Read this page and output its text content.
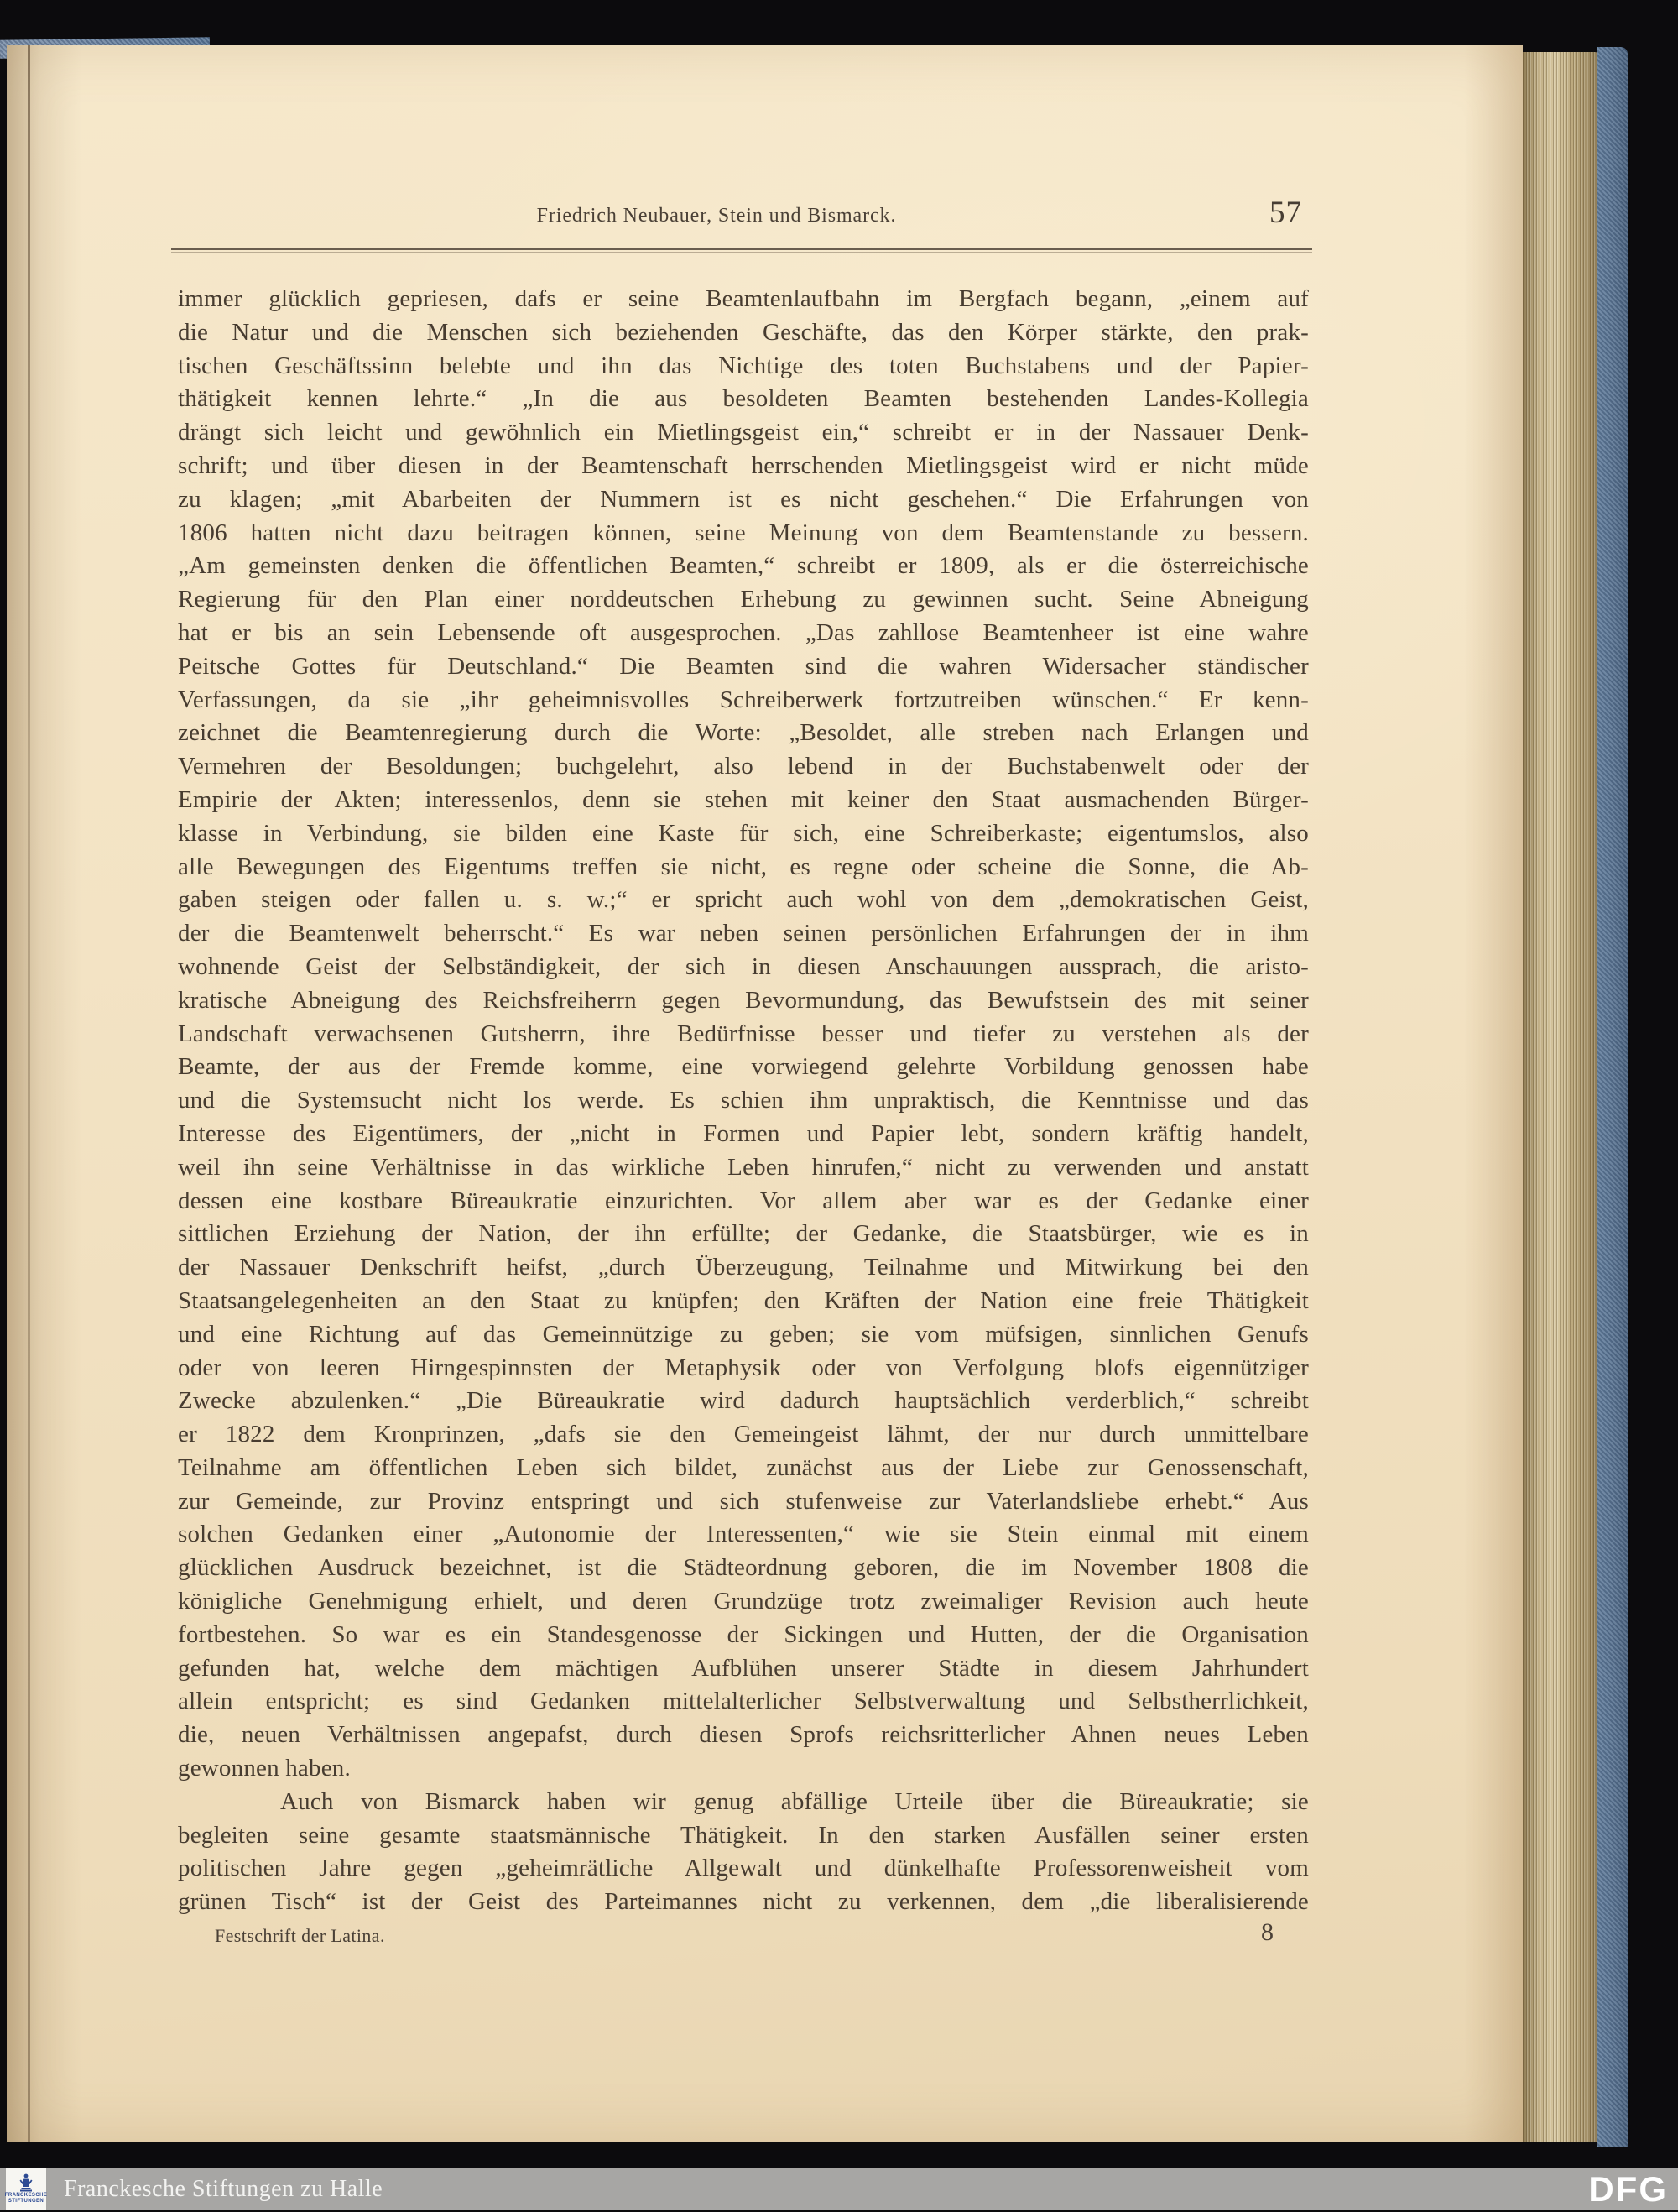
Friedrich Neubauer, Stein und Bismarck.	57
immer glücklich gepriesen, dafs er seine Beamtenlaufbahn im Bergfach begann, „einem auf
die Natur und die Menschen sich beziehenden Geschäfte, das den Körper stärkte, den prak-
tischen Geschäftssinn belebte und ihn das Nichtige des toten Buchstabens und der Papier-
thätigkeit kennen lehrte.“ „In die aus besoldeten Beamten bestehenden Landes-Kollegia
drängt sich leicht und gewöhnlich ein Mietlingsgeist ein,“ schreibt er in der Nassauer Denk-
schrift; und über diesen in der Beamtenschaft herrschenden Mietlingsgeist wird er nicht müde
zu klagen; „mit Abarbeiten der Nummern ist es nicht geschehen.“ Die Erfahrungen von
1806 hatten nicht dazu beitragen können, seine Meinung von dem Beamtenstande zu bessern.
„Am gemeinsten denken die öffentlichen Beamten,“ schreibt er 1809, als er die österreichische
Regierung für den Plan einer norddeutschen Erhebung zu gewinnen sucht. Seine Abneigung
hat er bis an sein Lebensende oft ausgesprochen. „Das zahllose Beamtenheer ist eine wahre
Peitsche Gottes für Deutschland.“ Die Beamten sind die wahren Widersacher ständischer
Verfassungen, da sie „ihr geheimnisvolles Schreiberwerk fortzutreiben wünschen.“ Er kenn-
zeichnet die Beamtenregierung durch die Worte: „Besoldet, alle streben nach Erlangen und
Vermehren der Besoldungen; buchgelehrt, also lebend in der Buchstabenwelt oder der
Empirie der Akten; interessenlos, denn sie stehen mit keiner den Staat ausmachenden Bürger-
klasse in Verbindung, sie bilden eine Kaste für sich, eine Schreiberkaste; eigentumslos, also
alle Bewegungen des Eigentums treffen sie nicht, es regne oder scheine die Sonne, die Ab-
gaben steigen oder fallen u. s. w.;“ er spricht auch wohl von dem „demokratischen Geist,
der die Beamtenwelt beherrscht.“ Es war neben seinen persönlichen Erfahrungen der in ihm
wohnende Geist der Selbständigkeit, der sich in diesen Anschauungen aussprach, die aristo-
kratische Abneigung des Reichsfreiherrn gegen Bevormundung, das Bewufstsein des mit seiner
Landschaft verwachsenen Gutsherrn, ihre Bedürfnisse besser und tiefer zu verstehen als der
Beamte, der aus der Fremde komme, eine vorwiegend gelehrte Vorbildung genossen habe
und die Systemsucht nicht los werde. Es schien ihm unpraktisch, die Kenntnisse und das
Interesse des Eigentümers, der „nicht in Formen und Papier lebt, sondern kräftig handelt,
weil ihn seine Verhältnisse in das wirkliche Leben hinrufen,“ nicht zu verwenden und anstatt
dessen eine kostbare Büreaukratie einzurichten. Vor allem aber war es der Gedanke einer
sittlichen Erziehung der Nation, der ihn erfüllte; der Gedanke, die Staatsbürger, wie es in
der Nassauer Denkschrift heifst, „durch Überzeugung, Teilnahme und Mitwirkung bei den
Staatsangelegenheiten an den Staat zu knüpfen; den Kräften der Nation eine freie Thätigkeit
und eine Richtung auf das Gemeinnützige zu geben; sie vom müfsigen, sinnlichen Genufs
oder von leeren Hirngespinnsten der Metaphysik oder von Verfolgung blofs eigennütziger
Zwecke abzulenken.“ „Die Büreaukratie wird dadurch hauptsächlich verderblich,“ schreibt
er 1822 dem Kronprinzen, „dafs sie den Gemeingeist lähmt, der nur durch unmittelbare
Teilnahme am öffentlichen Leben sich bildet, zunächst aus der Liebe zur Genossenschaft,
zur Gemeinde, zur Provinz entspringt und sich stufenweise zur Vaterlandsliebe erhebt.“ Aus
solchen Gedanken einer „Autonomie der Interessenten,“ wie sie Stein einmal mit einem
glücklichen Ausdruck bezeichnet, ist die Städteordnung geboren, die im November 1808 die
königliche Genehmigung erhielt, und deren Grundzüge trotz zweimaliger Revision auch heute
fortbestehen. So war es ein Standesgenosse der Sickingen und Hutten, der die Organisation
gefunden hat, welche dem mächtigen Aufblühen unserer Städte in diesem Jahrhundert
allein entspricht; es sind Gedanken mittelalterlicher Selbstverwaltung und Selbstherrlichkeit,
die, neuen Verhältnissen angepafst, durch diesen Sprofs reichsritterlicher Ahnen neues Leben
gewonnen haben.
Auch von Bismarck haben wir genug abfällige Urteile über die Büreaukratie; sie
begleiten seine gesamte staatsmännische Thätigkeit. In den starken Ausfällen seiner ersten
politischen Jahre gegen „geheimrätliche Allgewalt und dünkelhafte Professorenweisheit vom
grünen Tisch“ ist der Geist des Parteimannes nicht zu verkennen, dem „die liberalisierende
Festschrift der Latina.	8
FRANCKESCHE
STIFTUNGEN Franckesche Stiftungen zu Halle	DFG
